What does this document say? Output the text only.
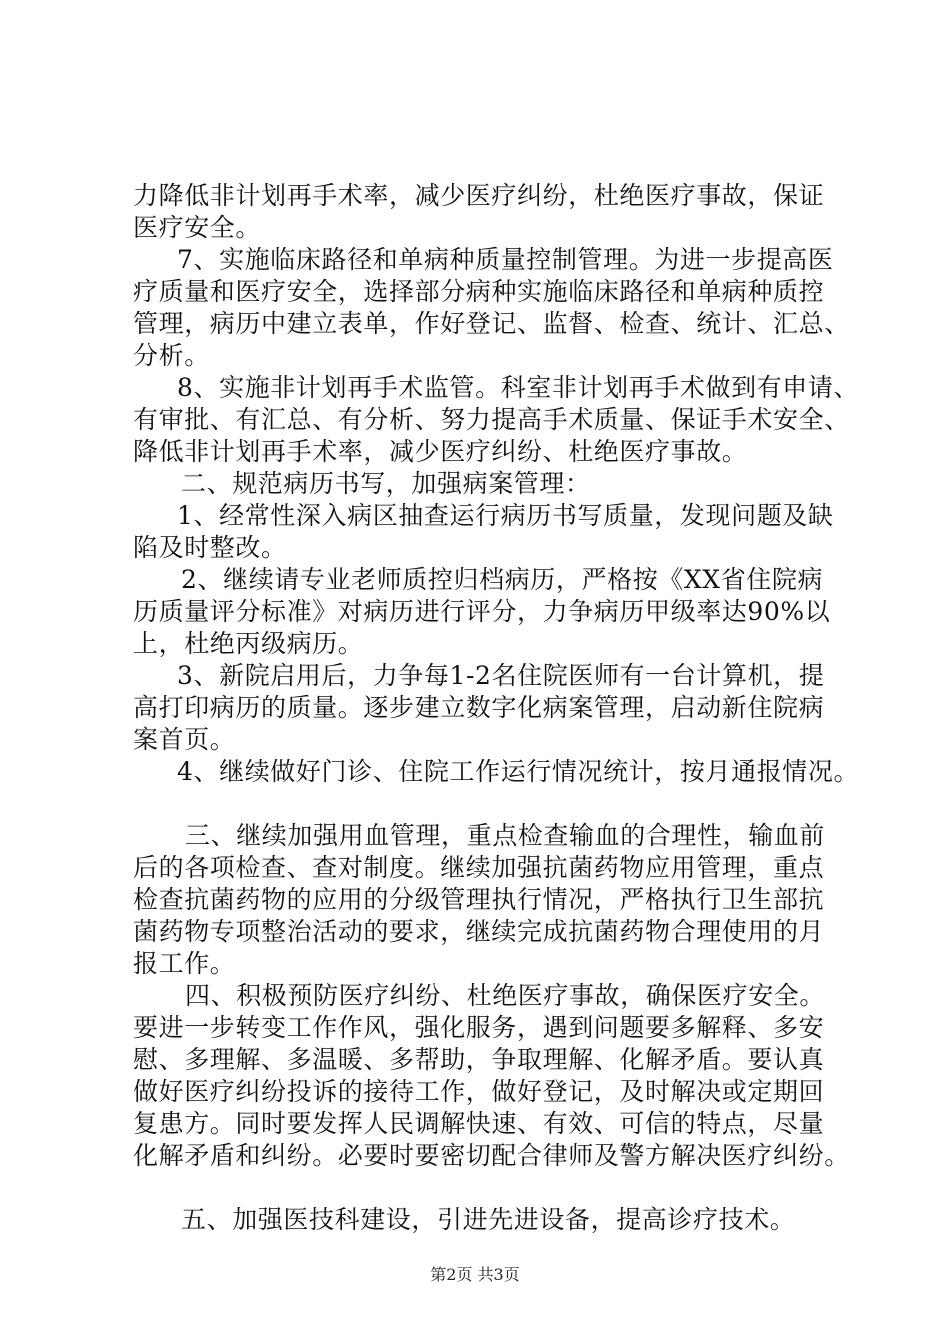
力降低非计划再手术率，减少医疗纠纷，杜绝医疗事故，保证
医疗安全。
7、实施临床路径和单病种质量控制管理。为进一步提高医
疗质量和医疗安全，选择部分病种实施临床路径和单病种质控
管理，病历中建立表单，作好登记、监督、检查、统计、汇总、
分析。
8、实施非计划再手术监管。科室非计划再手术做到有申请、
有审批、有汇总、有分析、努力提高手术质量、保证手术安全、
降低非计划再手术率，减少医疗纠纷、杜绝医疗事故。
二、规范病历书写，加强病案管理：
1、经常性深入病区抽查运行病历书写质量，发现问题及缺
陷及时整改。
2、继续请专业老师质控归档病历，严格按《XX省住院病
历质量评分标准》对病历进行评分，力争病历甲级率达90%以
上，杜绝丙级病历。
3、新院启用后，力争每1-2名住院医师有一台计算机，提
高打印病历的质量。逐步建立数字化病案管理，启动新住院病
案首页。
4、继续做好门诊、住院工作运行情况统计，按月通报情况。
三、继续加强用血管理，重点检查输血的合理性，输血前
后的各项检查、查对制度。继续加强抗菌药物应用管理，重点
检查抗菌药物的应用的分级管理执行情况，严格执行卫生部抗
菌药物专项整治活动的要求，继续完成抗菌药物合理使用的月
报工作。
四、积极预防医疗纠纷、杜绝医疗事故，确保医疗安全。
要进一步转变工作作风，强化服务，遇到问题要多解释、多安
慰、多理解、多温暖、多帮助，争取理解、化解矛盾。要认真
做好医疗纠纷投诉的接待工作，做好登记，及时解决或定期回
复患方。同时要发挥人民调解快速、有效、可信的特点，尽量
化解矛盾和纠纷。必要时要密切配合律师及警方解决医疗纠纷。
五、加强医技科建设，引进先进设备，提高诊疗技术。
第2页 共3页
